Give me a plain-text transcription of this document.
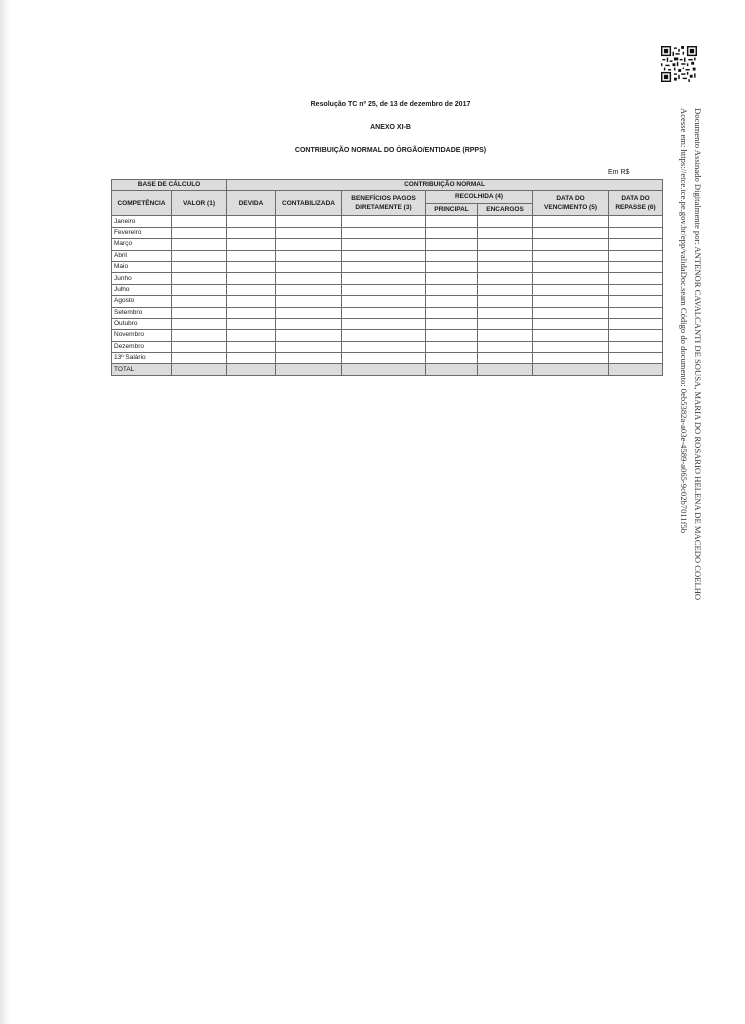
Resolução TC nº 25, de 13 de dezembro de 2017
ANEXO XI-B
CONTRIBUIÇÃO NORMAL DO ÓRGÃO/ENTIDADE (RPPS)
Em R$
BASE DE CÁLCULO		CONTRIBUIÇÃO NORMAL						
COMPETÊNCIA	VALOR (1)	DEVIDA	CONTABILIZADA	BENEFÍCIOS PAGOS DIRETAMENTE (3)	RECOLHIDA (4)		DATA DO VENCIMENTO (5)	DATA DO REPASSE (6)
					PRINCIPAL	ENCARGOS		
Janeiro								
Fevereiro								
Março								
Abril								
Maio								
Junho								
Julho								
Agosto								
Setembro								
Outubro								
Novembro								
Dezembro								
13º Salário								
TOTAL									Documento Assinado Digitalmente por: ANTENOR CAVALCANTI DE SOUSA, MARIA DO ROSARIO HELENA DE MACEDO COELHO
Acesse em: https://etce.tce.pe.gov.br/epp/validaDoc.seam Código do documento: 0eb5382a-a03e-4589-a065-9c02b7011f5b
